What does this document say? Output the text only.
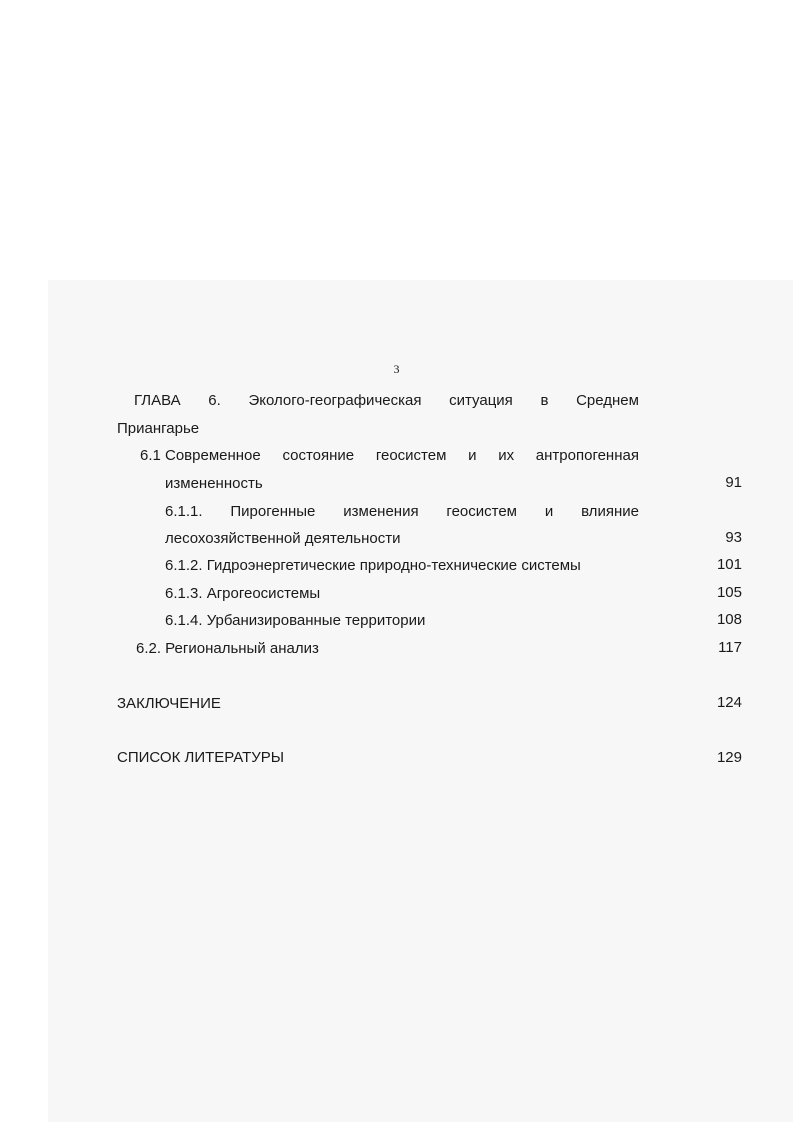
3
ГЛАВА 6. Эколого-географическая ситуация в Среднем
Приангарье
6.1 Современное состояние геосистем и их антропогенная
измененность	91
6.1.1. Пирогенные изменения геосистем и влияние
лесохозяйственной деятельности	93
6.1.2. Гидроэнергетические природно-технические системы	101
6.1.3. Агрогеосистемы	105
6.1.4. Урбанизированные территории	108
6.2. Региональный анализ	117
ЗАКЛЮЧЕНИЕ	124
СПИСОК ЛИТЕРАТУРЫ	129
